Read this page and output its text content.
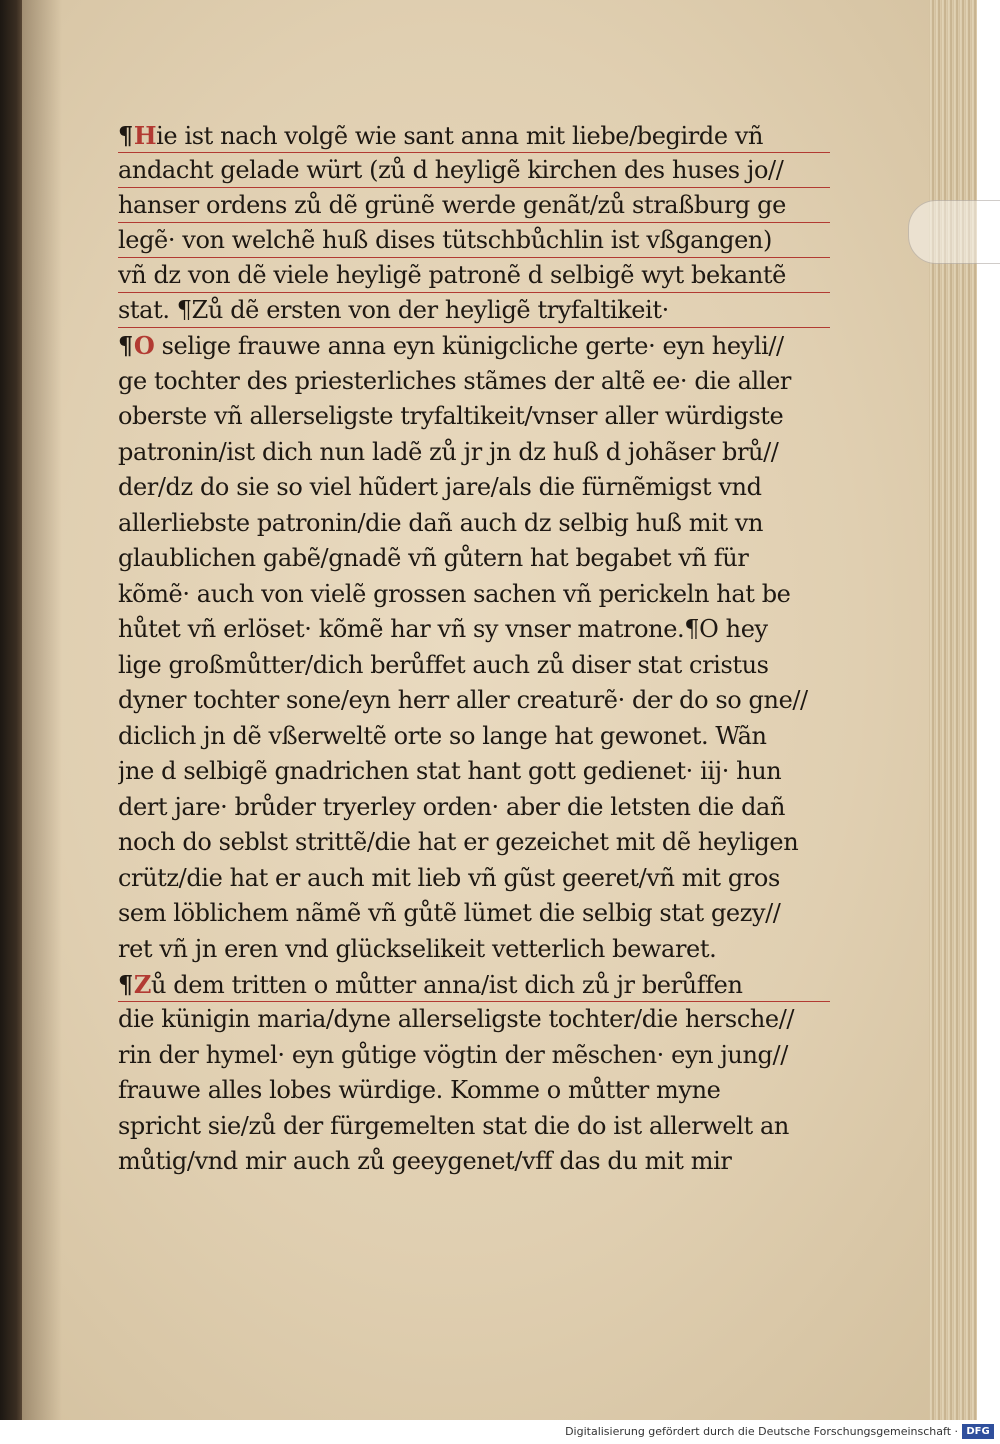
¶Hie ist nach volgẽ wie sant anna mit liebe/begirde vñ
andacht gelade würt (zů d heyligẽ kirchen des huses jo//
hanser ordens zů dẽ grünẽ werde genãt/zů straßburg ge
legẽ· von welchẽ huß dises tütschbůchlin ist vßgangen)
vñ dz von dẽ viele heyligẽ patronẽ d selbigẽ wyt bekantẽ
stat. ¶Zů dẽ ersten von der heyligẽ tryfaltikeit·
¶O selige frauwe anna eyn künigcliche gerte· eyn heyli//
ge tochter des priesterliches stãmes der altẽ ee· die aller
oberste vñ allerseligste tryfaltikeit/vnser aller würdigste
patronin/ist dich nun ladẽ zů jr jn dz huß d johãser brů//
der/dz do sie so viel hũdert jare/als die fürnẽmigst vnd
allerliebste patronin/die dañ auch dz selbig huß mit vn
glaublichen gabẽ/gnadẽ vñ gůtern hat begabet vñ für
kõmẽ· auch von vielẽ grossen sachen vñ perickeln hat be
hůtet vñ erlöset· kõmẽ har vñ sy vnser matrone.¶O hey
lige großmůtter/dich berůffet auch zů diser stat cristus
dyner tochter sone/eyn herr aller creaturẽ· der do so gne//
diclich jn dẽ vßerweltẽ orte so lange hat gewonet. Wãn
jne d selbigẽ gnadrichen stat hant gott gedienet· iij· hun
dert jare· brůder tryerley orden· aber die letsten die dañ
noch do seblst strittẽ/die hat er gezeichet mit dẽ heyligen
crütz/die hat er auch mit lieb vñ gũst geeret/vñ mit gros
sem löblichem nãmẽ vñ gůtẽ lümet die selbig stat gezy//
ret vñ jn eren vnd glückselikeit vetterlich bewaret.
¶Zů dem tritten o můtter anna/ist dich zů jr berůffen
die künigin maria/dyne allerseligste tochter/die hersche//
rin der hymel· eyn gůtige vögtin der mẽschen· eyn jung//
frauwe alles lobes würdige. Komme o můtter myne
spricht sie/zů der fürgemelten stat die do ist allerwelt an
můtig/vnd mir auch zů geeygenet/vff das du mit mir
Digitalisierung gefördert durch die Deutsche Forschungsgemeinschaft · DFG
